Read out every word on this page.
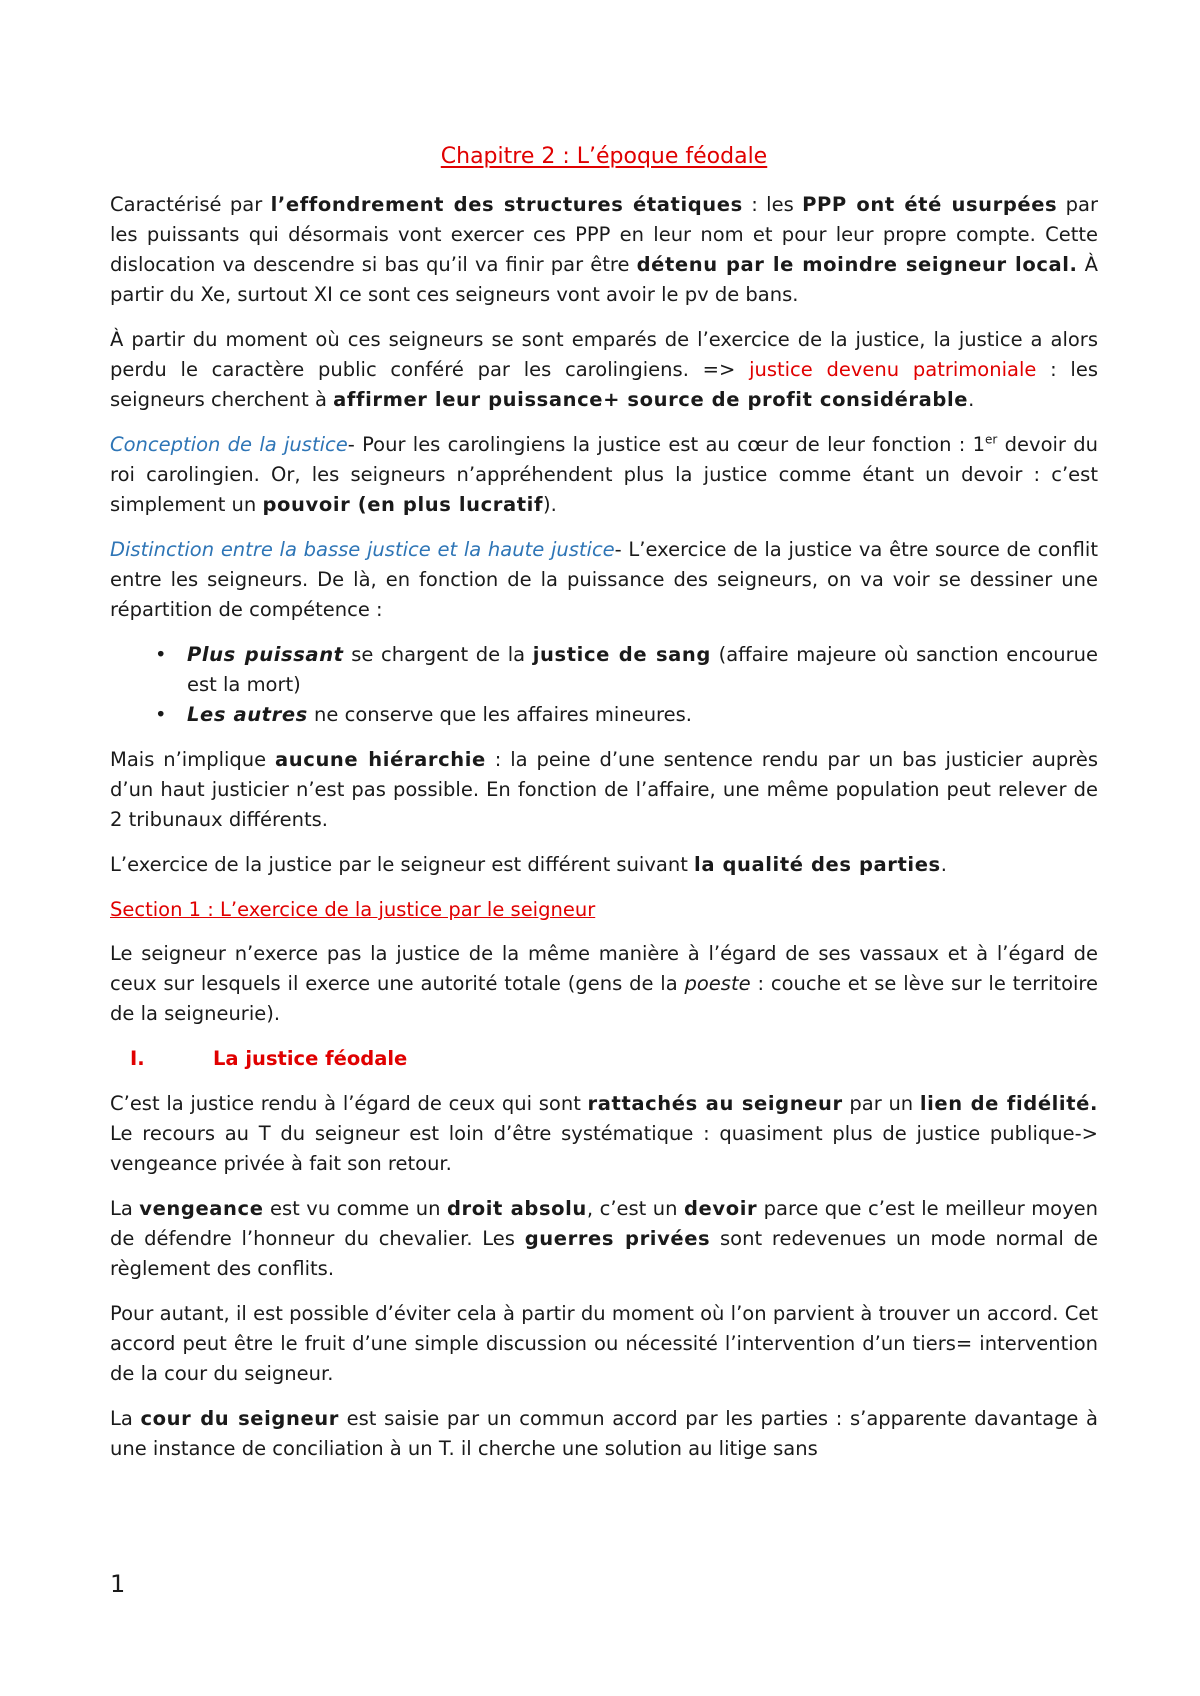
Chapitre 2 : L’époque féodale

Caractérisé par l’effondrement des structures étatiques : les PPP ont été usurpées par les puissants qui désormais vont exercer ces PPP en leur nom et pour leur propre compte. Cette dislocation va descendre si bas qu’il va finir par être détenu par le moindre seigneur local. À partir du Xe, surtout XI ce sont ces seigneurs vont avoir le pv de bans.

À partir du moment où ces seigneurs se sont emparés de l’exercice de la justice, la justice a alors perdu le caractère public conféré par les carolingiens. => justice devenu patrimoniale : les seigneurs cherchent à affirmer leur puissance+ source de profit considérable.

Conception de la justice- Pour les carolingiens la justice est au cœur de leur fonction : 1er devoir du roi carolingien. Or, les seigneurs n’appréhendent plus la justice comme étant un devoir : c’est simplement un pouvoir (en plus lucratif).

Distinction entre la basse justice et la haute justice- L’exercice de la justice va être source de conflit entre les seigneurs. De là, en fonction de la puissance des seigneurs, on va voir se dessiner une répartition de compétence :

• Plus puissant se chargent de la justice de sang (affaire majeure où sanction encourue est la mort)
• Les autres ne conserve que les affaires mineures.

Mais n’implique aucune hiérarchie : la peine d’une sentence rendu par un bas justicier auprès d’un haut justicier n’est pas possible. En fonction de l’affaire, une même population peut relever de 2 tribunaux différents.

L’exercice de la justice par le seigneur est différent suivant la qualité des parties.

Section 1 : L’exercice de la justice par le seigneur

Le seigneur n’exerce pas la justice de la même manière à l’égard de ses vassaux et à l’égard de ceux sur lesquels il exerce une autorité totale (gens de la poeste : couche et se lève sur le territoire de la seigneurie).

I.	La justice féodale

C’est la justice rendu à l’égard de ceux qui sont rattachés au seigneur par un lien de fidélité. Le recours au T du seigneur est loin d’être systématique : quasiment plus de justice publique-> vengeance privée à fait son retour.

La vengeance est vu comme un droit absolu, c’est un devoir parce que c’est le meilleur moyen de défendre l’honneur du chevalier. Les guerres privées sont redevenues un mode normal de règlement des conflits.

Pour autant, il est possible d’éviter cela à partir du moment où l’on parvient à trouver un accord. Cet accord peut être le fruit d’une simple discussion ou nécessité l’intervention d’un tiers= intervention de la cour du seigneur.

La cour du seigneur est saisie par un commun accord par les parties : s’apparente davantage à une instance de conciliation à un T. il cherche une solution au litige sans

1
